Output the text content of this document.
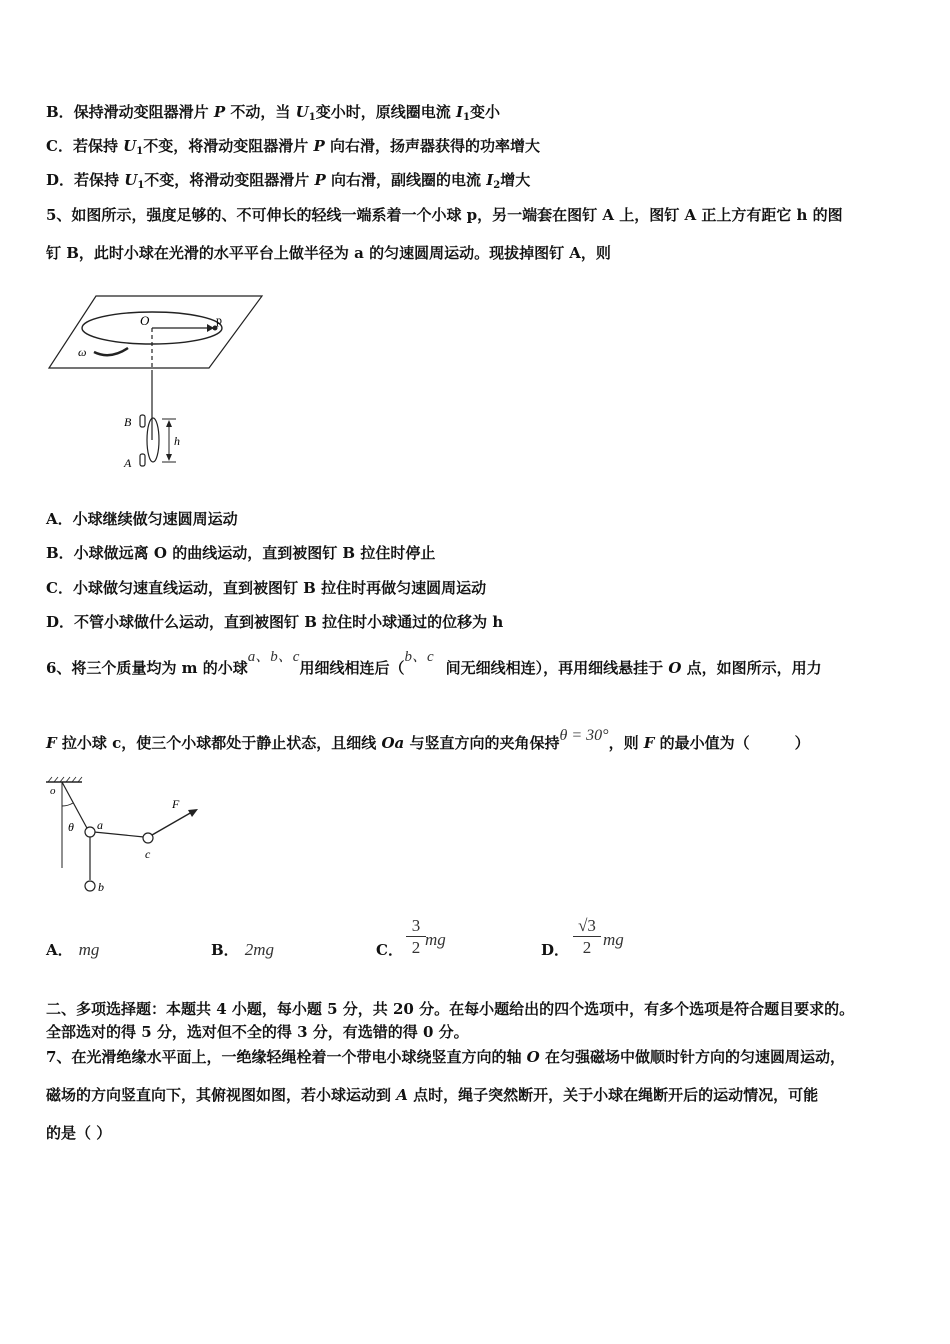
B．保持滑动变阻器滑片 P 不动，当 $U_1$变小时，原线圈电流 $I_1$变小
C．若保持 $U_1$不变，将滑动变阻器滑片 P 向右滑，扬声器获得的功率增大
D．若保持 $U_1$不变，将滑动变阻器滑片 P 向右滑，副线圈的电流 $I_2$增大
5、如图所示，强度足够的、不可伸长的轻线一端系着一个小球 p，另一端套在图钉 A 上，图钉 A 正上方有距它 h 的图
钉 B，此时小球在光滑的水平平台上做半径为 a 的匀速圆周运动。现拔掉图钉 A，则
O	p
ω
B
A
h
A．小球继续做匀速圆周运动
B．小球做远离 O 的曲线运动，直到被图钉 B 拉住时停止
C．小球做匀速直线运动，直到被图钉 B 拉住时再做匀速圆周运动
D．不管小球做什么运动，直到被图钉 B 拉住时小球通过的位移为 h
6、将三个质量均为 m 的小球a、b、c用细线相连后（b、c间无细线相连），再用细线悬挂于 O 点，如图所示，用力
F 拉小球 c，使三个小球都处于静止状态，且细线 Oa 与竖直方向的夹角保持θ = 30°，则 F 的最小值为（　　　）
o
θ a
b
c
F
A． mg	B． 2mg	C．
3
2 mg
D．
√3
2 mg
二、多项选择题：本题共 4 小题，每小题 5 分，共 20 分。在每小题给出的四个选项中，有多个选项是符合题目要求的。
全部选对的得 5 分，选对但不全的得 3 分，有选错的得 0 分。
7、在光滑绝缘水平面上，一绝缘轻绳栓着一个带电小球绕竖直方向的轴 O 在匀强磁场中做顺时针方向的匀速圆周运动，
磁场的方向竖直向下，其俯视图如图，若小球运动到 A 点时，绳子突然断开，关于小球在绳断开后的运动情况，可能
的是（ ）
